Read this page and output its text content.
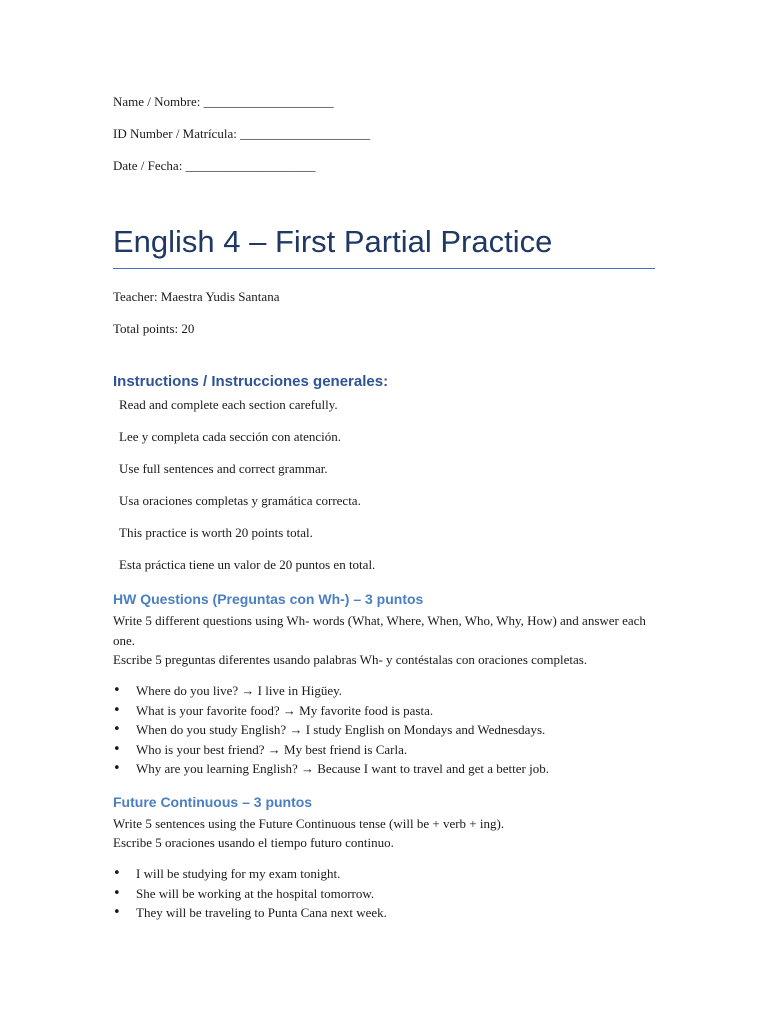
Name / Nombre: ____________________
ID Number / Matrícula: ____________________
Date / Fecha: ____________________
English 4 – First Partial Practice
Teacher: Maestra Yudis Santana
Total points: 20
Instructions / Instrucciones generales:
Read and complete each section carefully.
Lee y completa cada sección con atención.
Use full sentences and correct grammar.
Usa oraciones completas y gramática correcta.
This practice is worth 20 points total.
Esta práctica tiene un valor de 20 puntos en total.
HW Questions (Preguntas con Wh-) – 3 puntos
Write 5 different questions using Wh- words (What, Where, When, Who, Why, How) and answer each one.
Escribe 5 preguntas diferentes usando palabras Wh- y contéstalas con oraciones completas.
• Where do you live? → I live in Higüey.
• What is your favorite food? → My favorite food is pasta.
• When do you study English? → I study English on Mondays and Wednesdays.
• Who is your best friend? → My best friend is Carla.
• Why are you learning English? → Because I want to travel and get a better job.
Future Continuous – 3 puntos
Write 5 sentences using the Future Continuous tense (will be + verb + ing).
Escribe 5 oraciones usando el tiempo futuro continuo.
• I will be studying for my exam tonight.
• She will be working at the hospital tomorrow.
• They will be traveling to Punta Cana next week.
